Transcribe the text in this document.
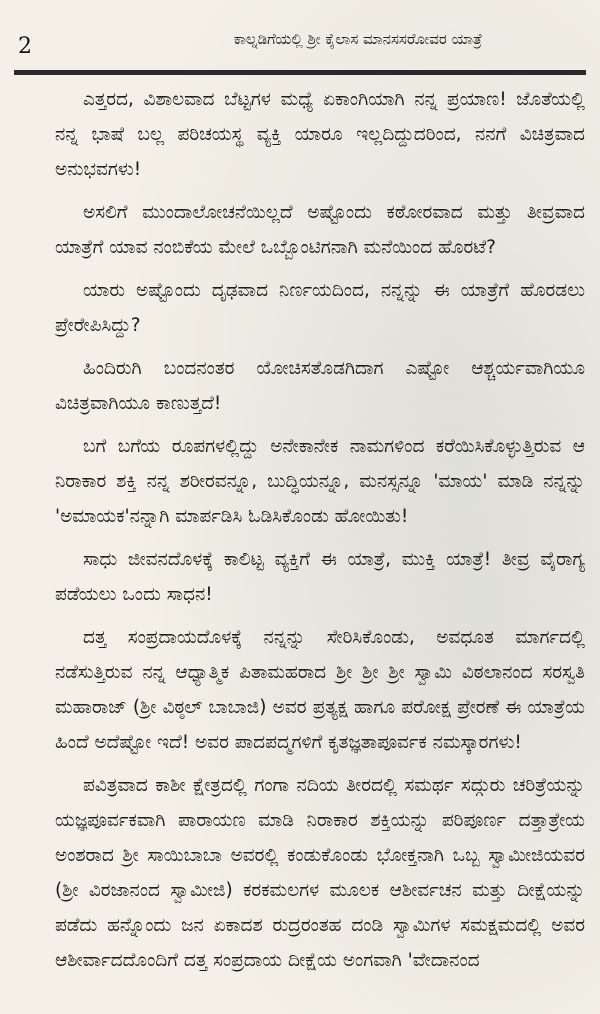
2	ಕಾಲ್ನಡಿಗೆಯಲ್ಲಿ ಶ್ರೀ ಕೈಲಾಸ ಮಾನಸಸರೋವರ ಯಾತ್ರೆ

ಎತ್ತರದ, ವಿಶಾಲವಾದ ಬೆಟ್ಟಗಳ ಮಧ್ಯೆ ಏಕಾಂಗಿಯಾಗಿ ನನ್ನ ಪ್ರಯಾಣ! ಜೊತೆಯಲ್ಲಿ ನನ್ನ ಭಾಷೆ ಬಲ್ಲ ಪರಿಚಯಸ್ಥ ವ್ಯಕ್ತಿ ಯಾರೂ ಇಲ್ಲದಿದ್ದುದರಿಂದ, ನನಗೆ ವಿಚಿತ್ರವಾದ ಅನುಭವಗಳು!

ಅಸಲಿಗೆ ಮುಂದಾಲೋಚನೆಯಿಲ್ಲದೆ ಅಷ್ಟೊಂದು ಕಠೋರವಾದ ಮತ್ತು ತೀವ್ರವಾದ ಯಾತ್ರೆಗೆ ಯಾವ ನಂಬಿಕೆಯ ಮೇಲೆ ಒಬ್ಬೊಂಟಿಗನಾಗಿ ಮನೆಯಿಂದ ಹೊರಟೆ?

ಯಾರು ಅಷ್ಟೊಂದು ದೃಢವಾದ ನಿರ್ಣಯದಿಂದ, ನನ್ನನ್ನು ಈ ಯಾತ್ರೆಗೆ ಹೊರಡಲು ಪ್ರೇರೇಪಿಸಿದ್ದು?

ಹಿಂದಿರುಗಿ ಬಂದನಂತರ ಯೋಚಿಸತೊಡಗಿದಾಗ ಎಷ್ಟೋ ಆಶ್ಚರ್ಯವಾಗಿಯೂ ವಿಚಿತ್ರವಾಗಿಯೂ ಕಾಣುತ್ತದೆ!

ಬಗೆ ಬಗೆಯ ರೂಪಗಳಲ್ಲಿದ್ದು ಅನೇಕಾನೇಕ ನಾಮಗಳಿಂದ ಕರೆಯಿಸಿಕೊಳ್ಳುತ್ತಿರುವ ಆ ನಿರಾಕಾರ ಶಕ್ತಿ ನನ್ನ ಶರೀರವನ್ನೂ, ಬುದ್ಧಿಯನ್ನೂ, ಮನಸ್ಸನ್ನೂ 'ಮಾಯ' ಮಾಡಿ ನನ್ನನ್ನು 'ಅಮಾಯಕ'ನನ್ನಾಗಿ ಮಾರ್ಪಡಿಸಿ ಓಡಿಸಿಕೊಂಡು ಹೋಯಿತು!

ಸಾಧು ಜೀವನದೊಳಕ್ಕೆ ಕಾಲಿಟ್ಟ ವ್ಯಕ್ತಿಗೆ ಈ ಯಾತ್ರೆ, ಮುಕ್ತಿ ಯಾತ್ರೆ! ತೀವ್ರ ವೈರಾಗ್ಯ ಪಡೆಯಲು ಒಂದು ಸಾಧನ!

ದತ್ತ ಸಂಪ್ರದಾಯದೊಳಕ್ಕೆ ನನ್ನನ್ನು ಸೇರಿಸಿಕೊಂಡು, ಅವಧೂತ ಮಾರ್ಗದಲ್ಲಿ ನಡೆಸುತ್ತಿರುವ ನನ್ನ ಆಧ್ಯಾತ್ಮಿಕ ಪಿತಾಮಹರಾದ ಶ್ರೀ ಶ್ರೀ ಶ್ರೀ ಸ್ವಾಮಿ ವಿಠಲಾನಂದ ಸರಸ್ವತಿ ಮಹಾರಾಜ್ (ಶ್ರೀ ವಿಠ್ಠಲ್ ಬಾಬಾಜಿ) ಅವರ ಪ್ರತ್ಯಕ್ಷ ಹಾಗೂ ಪರೋಕ್ಷ ಪ್ರೇರಣೆ ಈ ಯಾತ್ರೆಯ ಹಿಂದೆ ಅದೆಷ್ಟೋ ಇದೆ! ಅವರ ಪಾದಪದ್ಮಗಳಿಗೆ ಕೃತಜ್ಞತಾಪೂರ್ವಕ ನಮಸ್ಕಾರಗಳು!

ಪವಿತ್ರವಾದ ಕಾಶೀ ಕ್ಷೇತ್ರದಲ್ಲಿ ಗಂಗಾ ನದಿಯ ತೀರದಲ್ಲಿ ಸಮರ್ಥ ಸದ್ಗುರು ಚರಿತ್ರೆಯನ್ನು ಯಜ್ಞಪೂರ್ವಕವಾಗಿ ಪಾರಾಯಣ ಮಾಡಿ ನಿರಾಕಾರ ಶಕ್ತಿಯನ್ನು ಪರಿಪೂರ್ಣ ದತ್ತಾತ್ರೇಯ ಅಂಶರಾದ ಶ್ರೀ ಸಾಯಿಬಾಬಾ ಅವರಲ್ಲಿ ಕಂಡುಕೊಂಡು ಭೋಕ್ತನಾಗಿ ಒಬ್ಬ ಸ್ವಾಮೀಜಿಯವರ (ಶ್ರೀ ವಿರಜಾನಂದ ಸ್ವಾಮೀಜಿ) ಕರಕಮಲಗಳ ಮೂಲಕ ಆಶೀರ್ವಚನ ಮತ್ತು ದೀಕ್ಷೆಯನ್ನು ಪಡೆದು ಹನ್ನೊಂದು ಜನ ಏಕಾದಶ ರುದ್ರರಂತಹ ದಂಡಿ ಸ್ವಾಮಿಗಳ ಸಮಕ್ಷಮದಲ್ಲಿ ಅವರ ಆಶೀರ್ವಾದದೊಂದಿಗೆ ದತ್ತ ಸಂಪ್ರದಾಯ ದೀಕ್ಷೆಯ ಅಂಗವಾಗಿ 'ವೇದಾನಂದ
